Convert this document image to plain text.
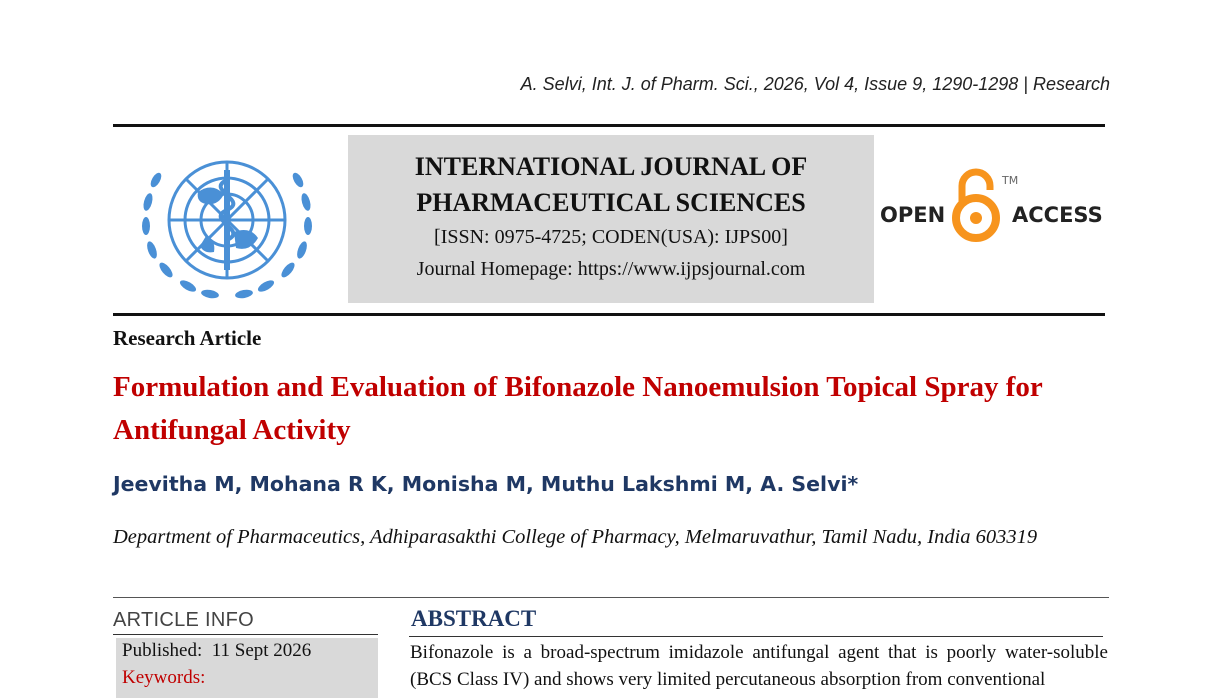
A. Selvi, Int. J. of Pharm. Sci., 2026, Vol 4, Issue 9, 1290-1298 | Research
INTERNATIONAL JOURNAL OF
PHARMACEUTICAL SCIENCES
[ISSN: 0975-4725; CODEN(USA): IJPS00]
Journal Homepage: https://www.ijpsjournal.com
OPEN
TM
ACCESS
Research Article
Formulation and Evaluation of Bifonazole Nanoemulsion Topical Spray for Antifungal Activity
Jeevitha M, Mohana R K, Monisha M, Muthu Lakshmi M, A. Selvi*
Department of Pharmaceutics, Adhiparasakthi College of Pharmacy, Melmaruvathur, Tamil Nadu, India 603319
ARTICLE INFO
Published:  11 Sept 2026
Keywords:
ABSTRACT
Bifonazole is a broad-spectrum imidazole antifungal agent that is poorly water-soluble (BCS Class IV) and shows very limited percutaneous absorption from conventional
